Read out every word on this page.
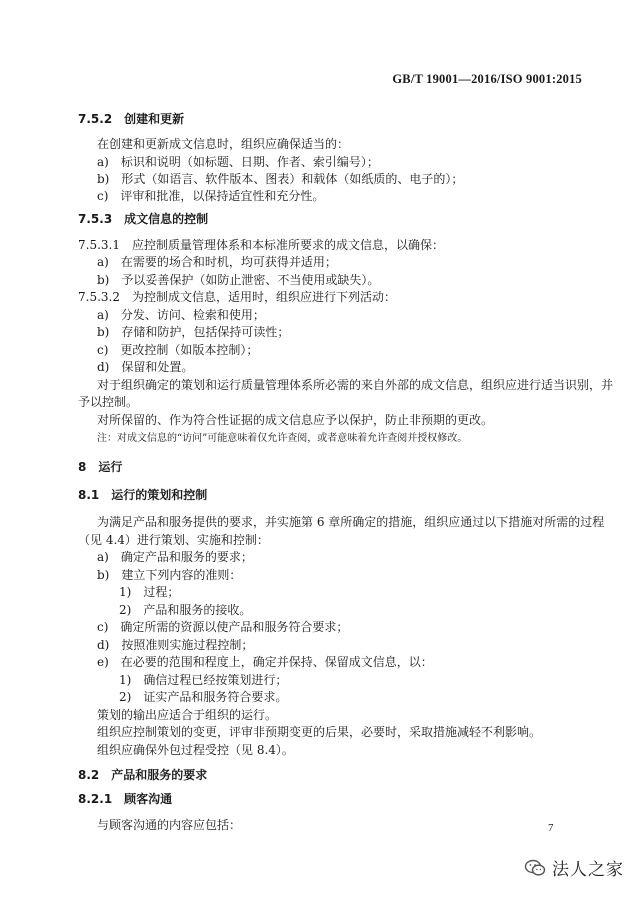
GB/T 19001—2016/ISO 9001:2015
7.5.2 创建和更新
在创建和更新成文信息时，组织应确保适当的：
a)　标识和说明（如标题、日期、作者、索引编号）；
b)　形式（如语言、软件版本、图表）和载体（如纸质的、电子的）；
c)　评审和批准，以保持适宜性和充分性。
7.5.3 成文信息的控制
7.5.3.1　应控制质量管理体系和本标准所要求的成文信息，以确保：
a)　在需要的场合和时机，均可获得并适用；
b)　予以妥善保护（如防止泄密、不当使用或缺失）。
7.5.3.2　为控制成文信息，适用时，组织应进行下列活动：
a)　分发、访问、检索和使用；
b)　存储和防护，包括保持可读性；
c)　更改控制（如版本控制）；
d)　保留和处置。
对于组织确定的策划和运行质量管理体系所必需的来自外部的成文信息，组织应进行适当识别，并
予以控制。
对所保留的、作为符合性证据的成文信息应予以保护，防止非预期的更改。
注：对成文信息的“访问”可能意味着仅允许查阅，或者意味着允许查阅并授权修改。
8 运行
8.1 运行的策划和控制
为满足产品和服务提供的要求，并实施第 6 章所确定的措施，组织应通过以下措施对所需的过程
（见 4.4）进行策划、实施和控制：
a)　确定产品和服务的要求；
b)　建立下列内容的准则：
1)　过程；
2)　产品和服务的接收。
c)　确定所需的资源以使产品和服务符合要求；
d)　按照准则实施过程控制；
e)　在必要的范围和程度上，确定并保持、保留成文信息，以：
1)　确信过程已经按策划进行；
2)　证实产品和服务符合要求。
策划的输出应适合于组织的运行。
组织应控制策划的变更，评审非预期变更的后果，必要时，采取措施减轻不利影响。
组织应确保外包过程受控（见 8.4）。
8.2 产品和服务的要求
8.2.1 顾客沟通
与顾客沟通的内容应包括：	7
法人之家
